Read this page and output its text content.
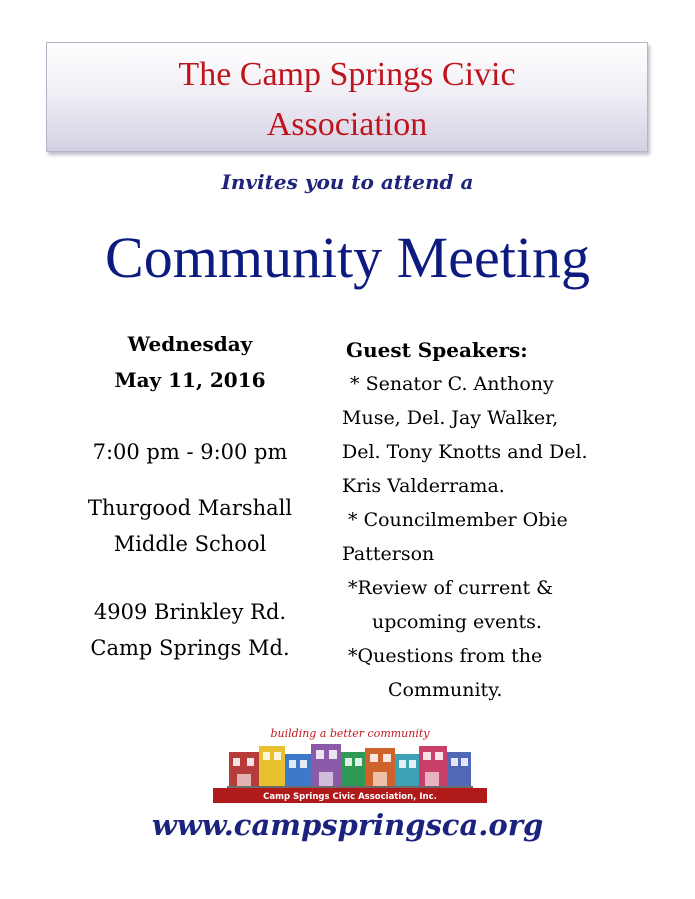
The Camp Springs Civic
Association
Invites you to attend a
Community Meeting
Wednesday
May 11, 2016
7:00 pm - 9:00 pm
Thurgood Marshall
Middle School
4909 Brinkley Rd.
Camp Springs Md.
Guest Speakers:
* Senator C. Anthony
Muse, Del. Jay Walker,
Del. Tony Knotts and Del.
Kris Valderrama.
* Councilmember Obie
Patterson
*Review of current &
upcoming events.
*Questions from the
Community.
building a better community
Camp Springs Civic Association, Inc.
www.campspringsca.org
